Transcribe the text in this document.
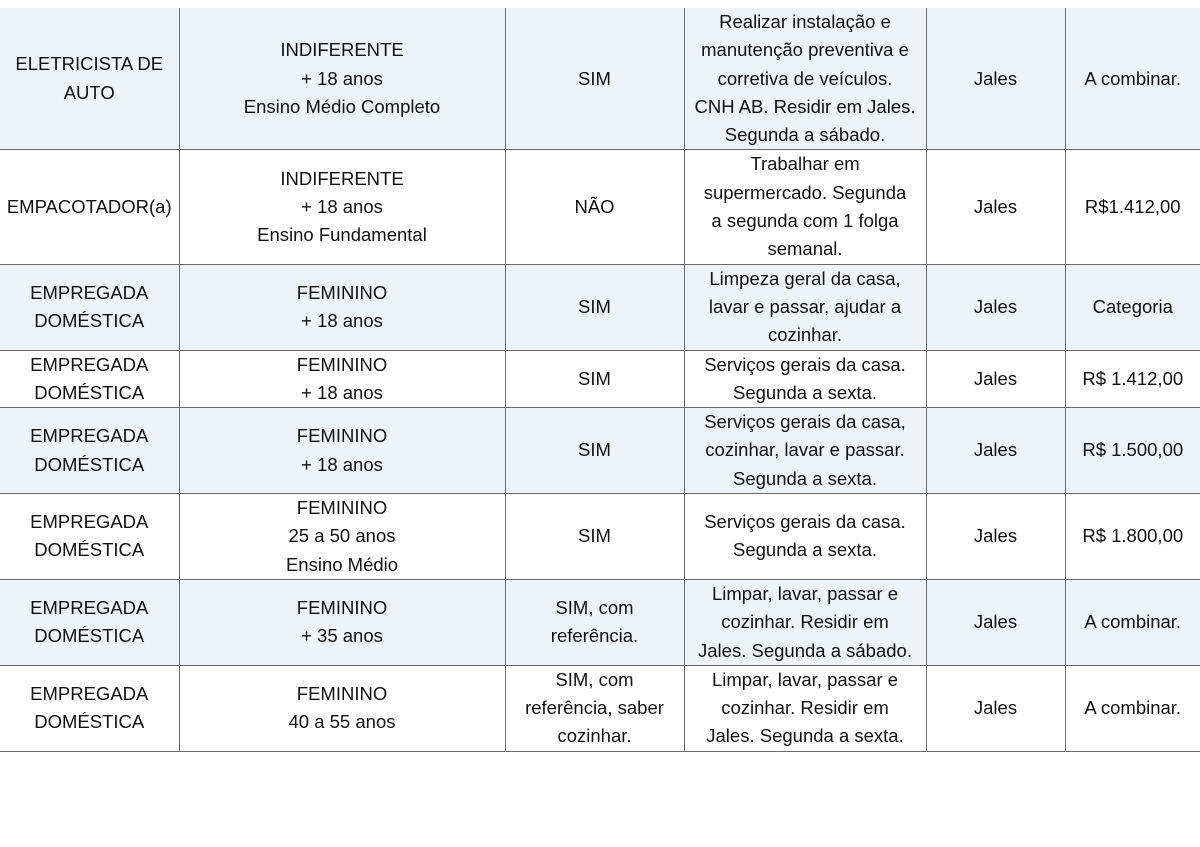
ELETRICISTA DE
AUTO	INDIFERENTE
+ 18 anos
Ensino Médio Completo	SIM	Realizar instalação e
manutenção preventiva e
corretiva de veículos.
CNH AB. Residir em Jales.
Segunda a sábado.	Jales	A combinar.
EMPACOTADOR(a)	INDIFERENTE
+ 18 anos
Ensino Fundamental	NÃO	Trabalhar em
supermercado. Segunda
a segunda com 1 folga
semanal.	Jales	R$1.412,00
EMPREGADA
DOMÉSTICA	FEMININO
+ 18 anos	SIM	Limpeza geral da casa,
lavar e passar, ajudar a
cozinhar.	Jales	Categoria
EMPREGADA
DOMÉSTICA	FEMININO
+ 18 anos	SIM	Serviços gerais da casa.
Segunda a sexta.	Jales	R$ 1.412,00
EMPREGADA
DOMÉSTICA	FEMININO
+ 18 anos	SIM	Serviços gerais da casa,
cozinhar, lavar e passar.
Segunda a sexta.	Jales	R$ 1.500,00
EMPREGADA
DOMÉSTICA	FEMININO
25 a 50 anos
Ensino Médio	SIM	Serviços gerais da casa.
Segunda a sexta.	Jales	R$ 1.800,00
EMPREGADA
DOMÉSTICA	FEMININO
+ 35 anos	SIM, com
referência.	Limpar, lavar, passar e
cozinhar. Residir em
Jales. Segunda a sábado.	Jales	A combinar.
EMPREGADA
DOMÉSTICA	FEMININO
40 a 55 anos	SIM, com
referência, saber
cozinhar.	Limpar, lavar, passar e
cozinhar. Residir em
Jales. Segunda a sexta.	Jales	A combinar.
